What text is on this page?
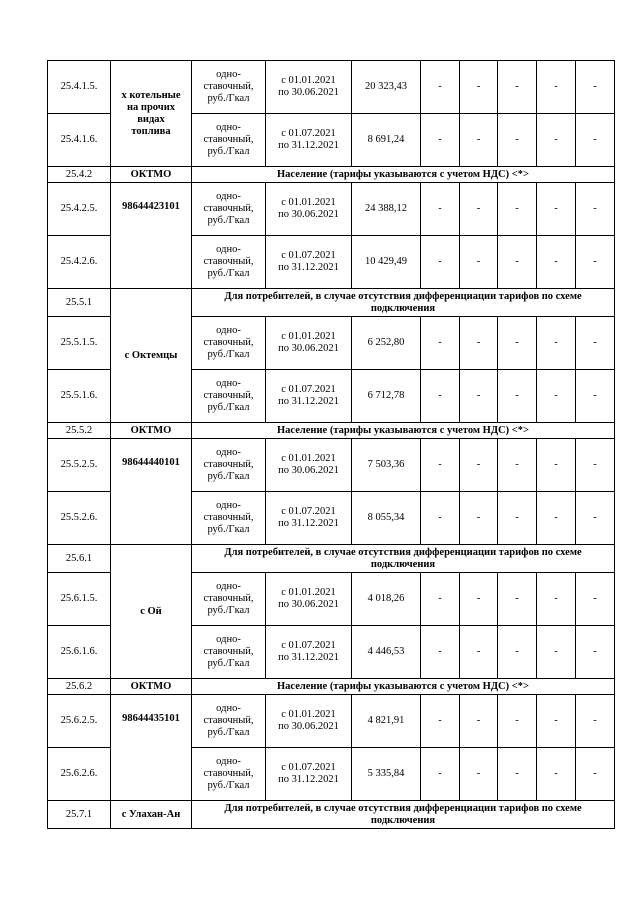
25.4.1.5.	х котельные
на прочих
видах
топлива	одно-
ставочный,
руб./Гкал	с 01.01.2021
по 30.06.2021	20 323,43	-	-	-	-	-
25.4.1.6.		одно-
ставочный,
руб./Гкал	с 01.07.2021
по 31.12.2021	8 691,24	-	-	-	-	-
25.4.2	ОКТМО	Население (тарифы указываются с учетом НДС) <*>							
25.4.2.5.	98644423101	одно-
ставочный,
руб./Гкал	с 01.01.2021
по 30.06.2021	24 388,12	-	-	-	-	-
25.4.2.6.		одно-
ставочный,
руб./Гкал	с 01.07.2021
по 31.12.2021	10 429,49	-	-	-	-	-
25.5.1	с Октемцы	Для потребителей, в случае отсутствия дифференциации тарифов по схеме
подключения							

25.5.1.5.		одно-
ставочный,
руб./Гкал	с 01.01.2021
по 30.06.2021	6 252,80	-	-	-	-	-
25.5.1.6.		одно-
ставочный,
руб./Гкал	с 01.07.2021
по 31.12.2021	6 712,78	-	-	-	-	-
25.5.2	ОКТМО	Население (тарифы указываются с учетом НДС) <*>							
25.5.2.5.	98644440101	одно-
ставочный,
руб./Гкал	с 01.01.2021
по 30.06.2021	7 503,36	-	-	-	-	-
25.5.2.6.		одно-
ставочный,
руб./Гкал	с 01.07.2021
по 31.12.2021	8 055,34	-	-	-	-	-
25.6.1	с Ой	Для потребителей, в случае отсутствия дифференциации тарифов по схеме
подключения							

25.6.1.5.		одно-
ставочный,
руб./Гкал	с 01.01.2021
по 30.06.2021	4 018,26	-	-	-	-	-
25.6.1.6.		одно-
ставочный,
руб./Гкал	с 01.07.2021
по 31.12.2021	4 446,53	-	-	-	-	-
25.6.2	ОКТМО	Население (тарифы указываются с учетом НДС) <*>							
25.6.2.5.	98644435101	одно-
ставочный,
руб./Гкал	с 01.01.2021
по 30.06.2021	4 821,91	-	-	-	-	-
25.6.2.6.		одно-
ставочный,
руб./Гкал	с 01.07.2021
по 31.12.2021	5 335,84	-	-	-	-	-
25.7.1	с Улахан-Ан	Для потребителей, в случае отсутствия дифференциации тарифов по схеме
подключения							
